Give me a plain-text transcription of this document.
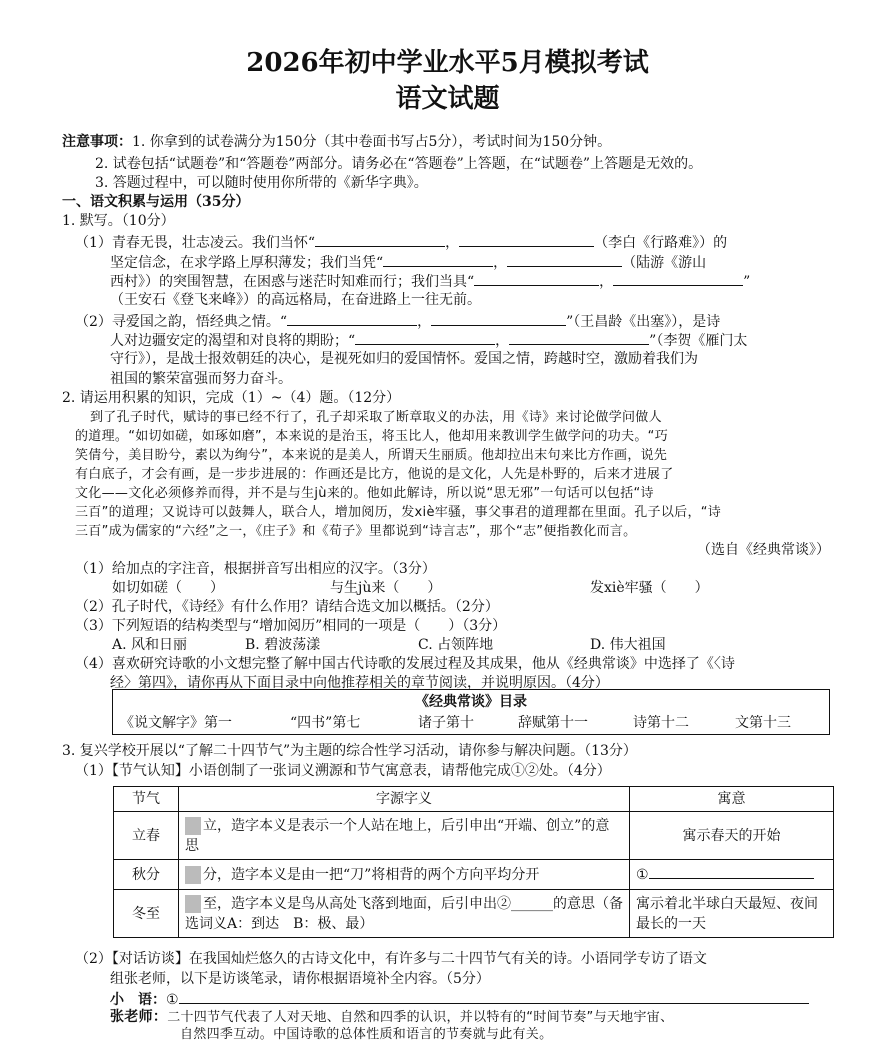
2026年初中学业水平5月模拟考试
语文试题
注意事项：1. 你拿到的试卷满分为150分（其中卷面书写占5分），考试时间为150分钟。
2. 试卷包括“试题卷”和“答题卷”两部分。请务必在“答题卷”上答题，在“试题卷”上答题是无效的。
3. 答题过程中，可以随时使用你所带的《新华字典》。
一、语文积累与运用（35分）
1. 默写。（10分）
（1）青春无畏，壮志凌云。我们当怀“	，	（李白《行路难》）的
坚定信念，在求学路上厚积薄发；我们当凭“	，	（陆游《游山
西村》）的突围智慧，在困惑与迷茫时知难而行；我们当具“	，	”
（王安石《登飞来峰》）的高远格局，在奋进路上一往无前。
（2）寻爱国之韵，悟经典之情。“	，	”（王昌龄《出塞》），是诗
人对边疆安定的渴望和对良将的期盼；“	，	”（李贺《雁门太
守行》），是战士报效朝廷的决心，是视死如归的爱国情怀。爱国之情，跨越时空，激励着我们为
祖国的繁荣富强而努力奋斗。
2. 请运用积累的知识，完成（1）~（4）题。（12分）
到了孔子时代，赋诗的事已经不行了，孔子却采取了断章取义的办法，用《诗》来讨论做学问做人
的道理。“如切如磋，如琢如磨”，本来说的是治玉，将玉比人，他却用来教训学生做学问的功夫。“巧
笑倩兮，美目盼兮，素以为绚兮”，本来说的是美人，所谓天生丽质。他却拉出末句来比方作画，说先
有白底子，才会有画，是一步步进展的：作画还是比方，他说的是文化，人先是朴野的，后来才进展了
文化——文化必须修养而得，并不是与生jù来的。他如此解诗，所以说“思无邪”一句话可以包括“诗
三百”的道理；又说诗可以鼓舞人，联合人，增加阅历，发xiè牢骚，事父事君的道理都在里面。孔子以后，“诗
三百”成为儒家的“六经”之一，《庄子》和《荀子》里都说到“诗言志”，那个“志”便指教化而言。
（选自《经典常谈》）
（1）给加点的字注音，根据拼音写出相应的汉字。（3分）
如切如磋（　　）	与生jù来（　　）	发xiè牢骚（　　）
（2）孔子时代，《诗经》有什么作用？请结合选文加以概括。（2分）
（3）下列短语的结构类型与“增加阅历”相同的一项是（　　）（3分）
A. 风和日丽	B. 碧波荡漾	C. 占领阵地	D. 伟大祖国
（4）喜欢研究诗歌的小文想完整了解中国古代诗歌的发展过程及其成果，他从《经典常谈》中选择了《〈诗
经〉第四》，请你再从下面目录中向他推荐相关的章节阅读，并说明原因。（4分）
《经典常谈》目录
《说文解字》第一	“四书”第七	诸子第十	辞赋第十一	诗第十二	文第十三
3. 复兴学校开展以“了解二十四节气”为主题的综合性学习活动，请你参与解决问题。（13分）
（1）【节气认知】小语创制了一张词义溯源和节气寓意表，请帮他完成①②处。（4分）
节气	字源字义	寓意
立春	立，造字本义是表示一个人站在地上，后引申出“开端、创立”的意思	寓示春天的开始
秋分	分，造字本义是由一把“刀”将相背的两个方向平均分开	①
冬至	至，造字本义是鸟从高处飞落到地面，后引申出②______的意思（备选词义A：到达　B：极、最）	寓示着北半球白天最短、夜间最长的一天
（2）【对话访谈】在我国灿烂悠久的古诗文化中，有许多与二十四节气有关的诗。小语同学专访了语文
组张老师，以下是访谈笔录，请你根据语境补全内容。（5分）
小　语：①
张老师：二十四节气代表了人对天地、自然和四季的认识，并以特有的“时间节奏”与天地宇宙、
自然四季互动。中国诗歌的总体性质和语言的节奏就与此有关。
